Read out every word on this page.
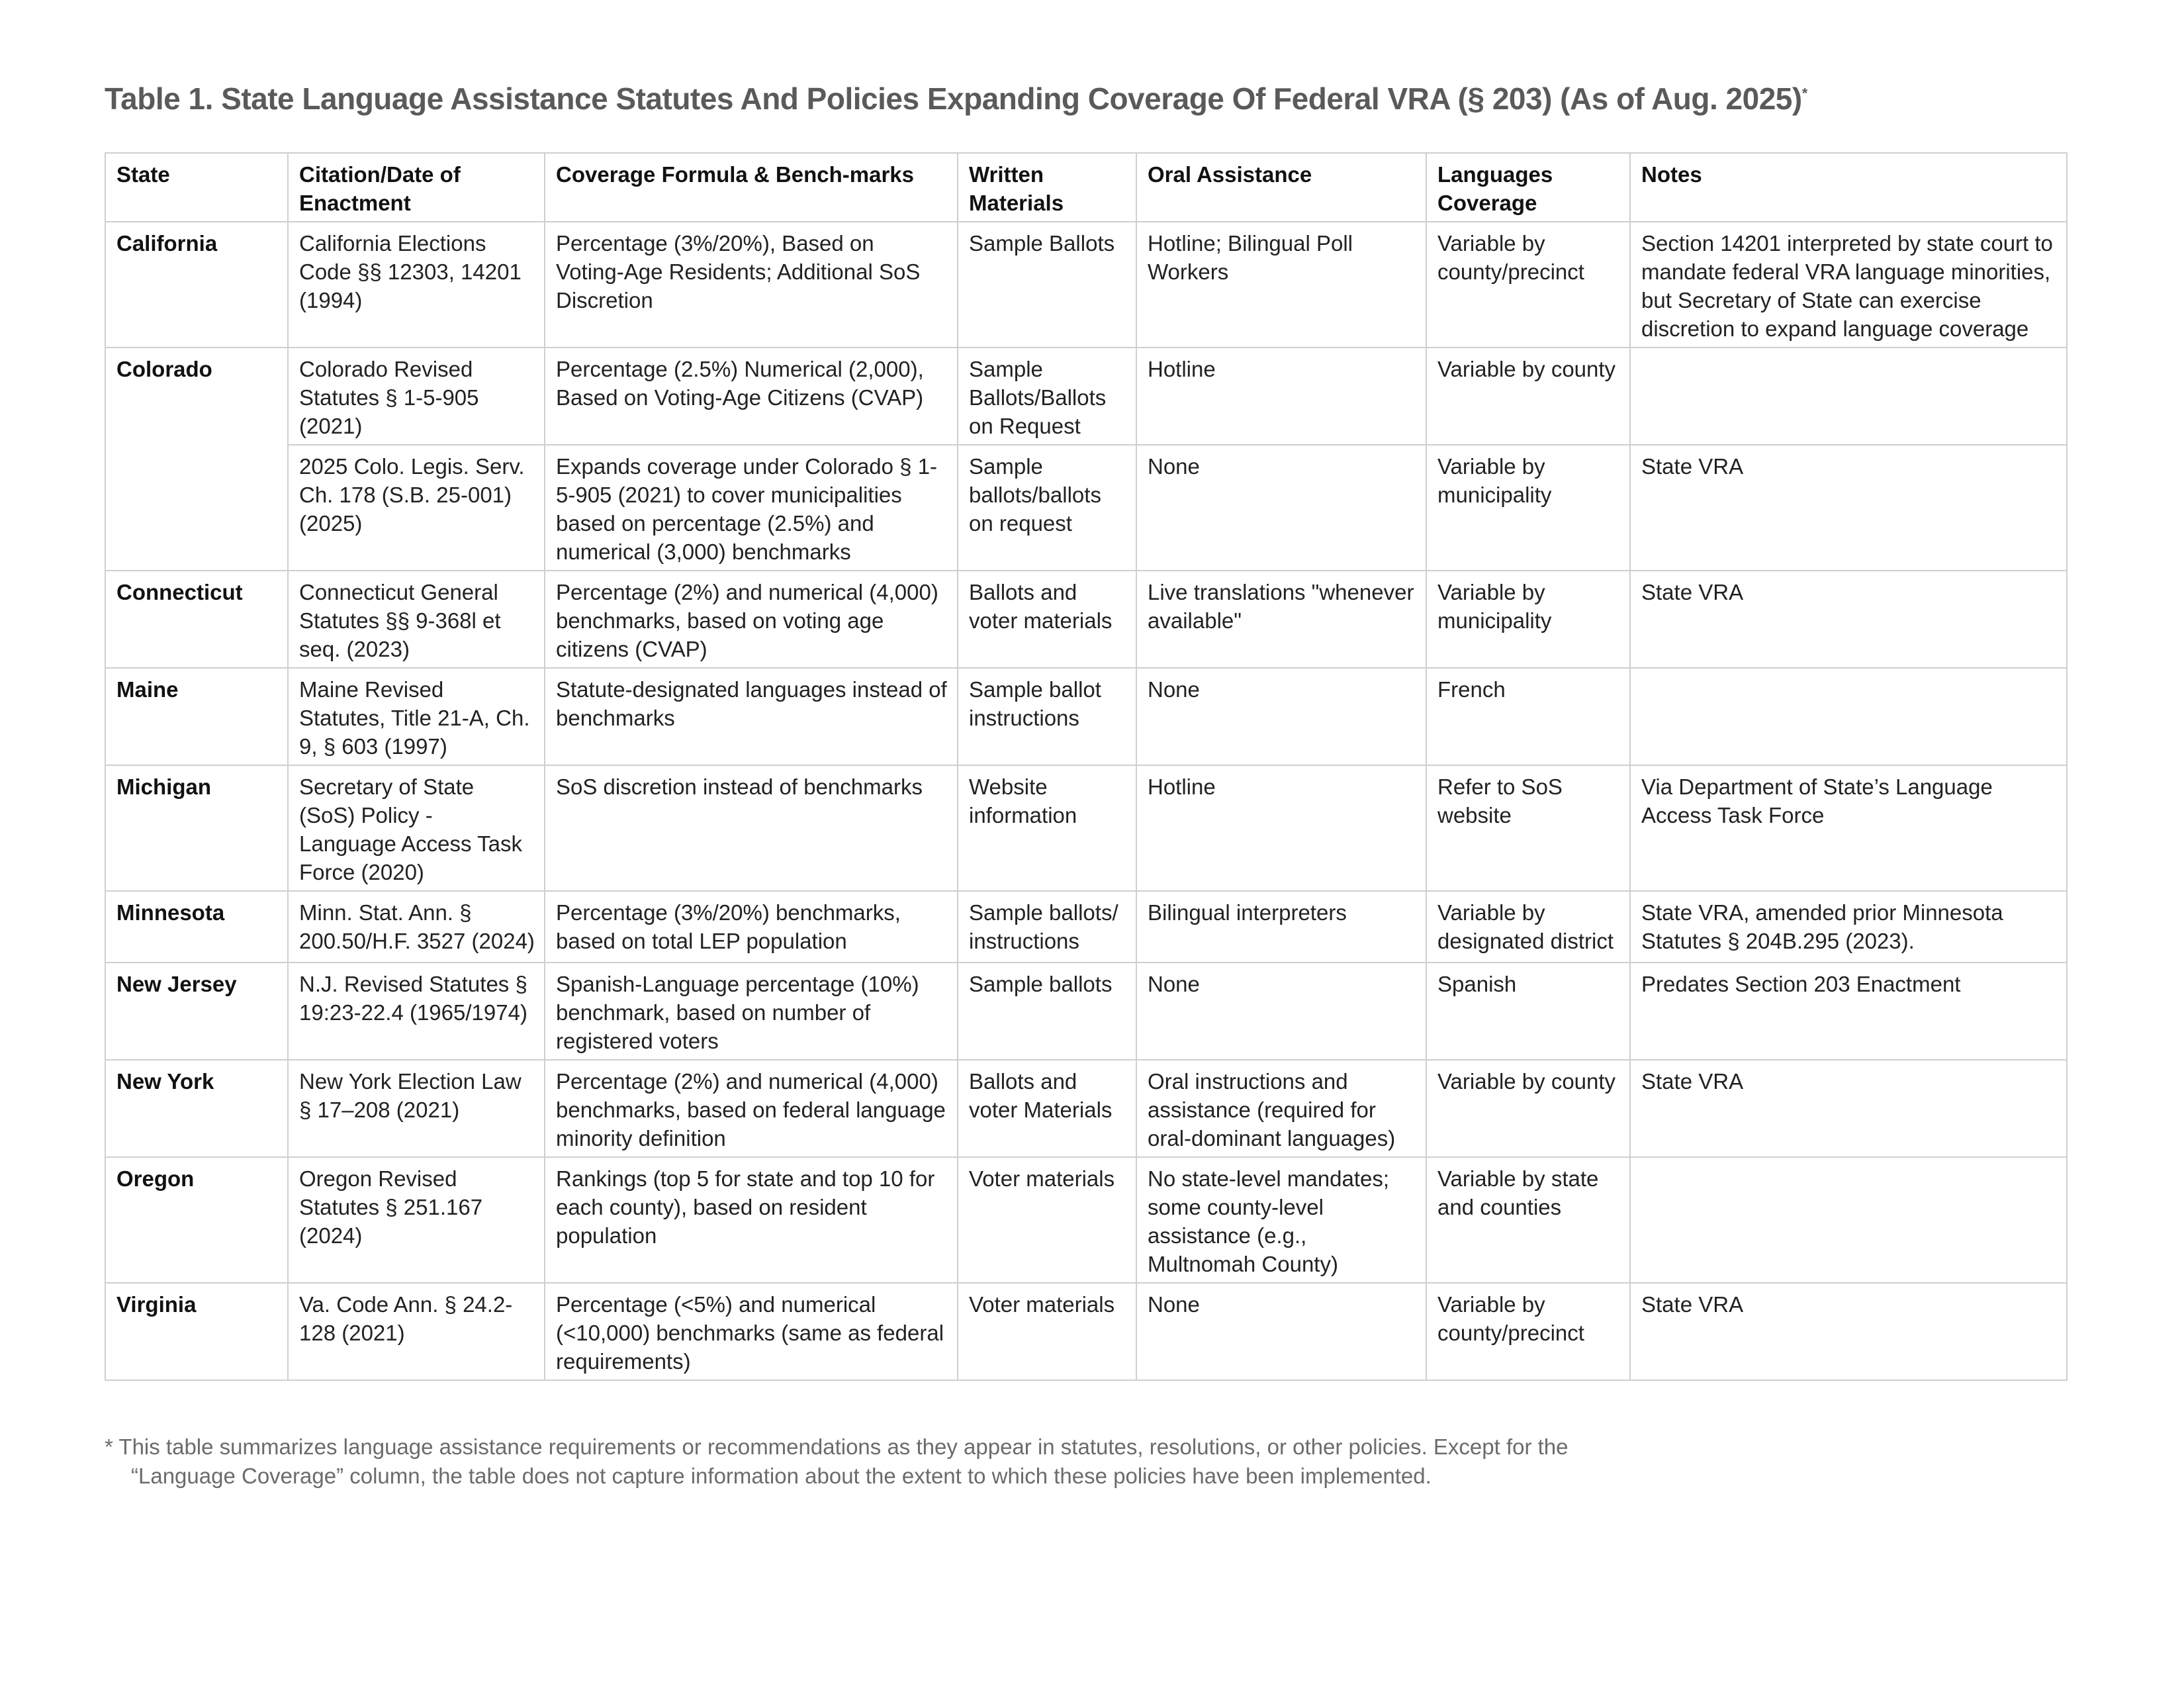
Table 1. State Language Assistance Statutes And Policies Expanding Coverage Of Federal VRA (§ 203) (As of Aug. 2025)*
State	Citation/Date of Enactment	Coverage Formula & Bench-marks	Written Materials	Oral Assistance	Languages Coverage	Notes
California	California Elections Code §§ 12303, 14201 (1994)	Percentage (3%/20%), Based on Voting-Age Residents; Additional SoS Discretion	Sample Ballots	Hotline; Bilingual Poll Workers	Variable by county/precinct	Section 14201 interpreted by state court to mandate federal VRA language minorities, but Secretary of State can exercise discretion to expand language coverage
Colorado	Colorado Revised Statutes § 1-5-905 (2021)	Percentage (2.5%) Numerical (2,000), Based on Voting-Age Citizens (CVAP)	Sample Ballots/Ballots on Request	Hotline	Variable by county	
	2025 Colo. Legis. Serv. Ch. 178 (S.B. 25-001) (2025)	Expands coverage under Colorado § 1-5-905 (2021) to cover municipalities based on percentage (2.5%) and numerical (3,000) benchmarks	Sample ballots/ballots on request	None	Variable by municipality	State VRA
Connecticut	Connecticut General Statutes §§ 9-368l et seq. (2023)	Percentage (2%) and numerical (4,000) benchmarks, based on voting age citizens (CVAP)	Ballots and voter materials	Live translations "whenever available"	Variable by municipality	State VRA
Maine	Maine Revised Statutes, Title 21-A, Ch. 9, § 603 (1997)	Statute-designated languages instead of benchmarks	Sample ballot instructions	None	French	
Michigan	Secretary of State (SoS) Policy - Language Access Task Force (2020)	SoS discretion instead of benchmarks	Website information	Hotline	Refer to SoS website	Via Department of State’s Language Access Task Force
Minnesota	Minn. Stat. Ann. § 200.50/H.F. 3527 (2024)	Percentage (3%/20%) benchmarks, based on total LEP population	Sample ballots/ instructions	Bilingual interpreters	Variable by designated district	State VRA, amended prior Minnesota Statutes § 204B.295 (2023).
New Jersey	N.J. Revised Statutes § 19:23-22.4 (1965/1974)	Spanish-Language percentage (10%) benchmark, based on number of registered voters	Sample ballots	None	Spanish	Predates Section 203 Enactment
New York	New York Election Law § 17–208 (2021)	Percentage (2%) and numerical (4,000) benchmarks, based on federal language minority definition	Ballots and voter Materials	Oral instructions and assistance (required for oral-dominant languages)	Variable by county	State VRA
Oregon	Oregon Revised Statutes § 251.167 (2024)	Rankings (top 5 for state and top 10 for each county), based on resident population	Voter materials	No state-level mandates; some county-level assistance (e.g., Multnomah County)	Variable by state and counties	
Virginia	Va. Code Ann. § 24.2-128 (2021)	Percentage (<5%) and numerical (<10,000) benchmarks (same as federal requirements)	Voter materials	None	Variable by county/precinct	State VRA
* This table summarizes language assistance requirements or recommendations as they appear in statutes, resolutions, or other policies. Except for the
“Language Coverage” column, the table does not capture information about the extent to which these policies have been implemented.
